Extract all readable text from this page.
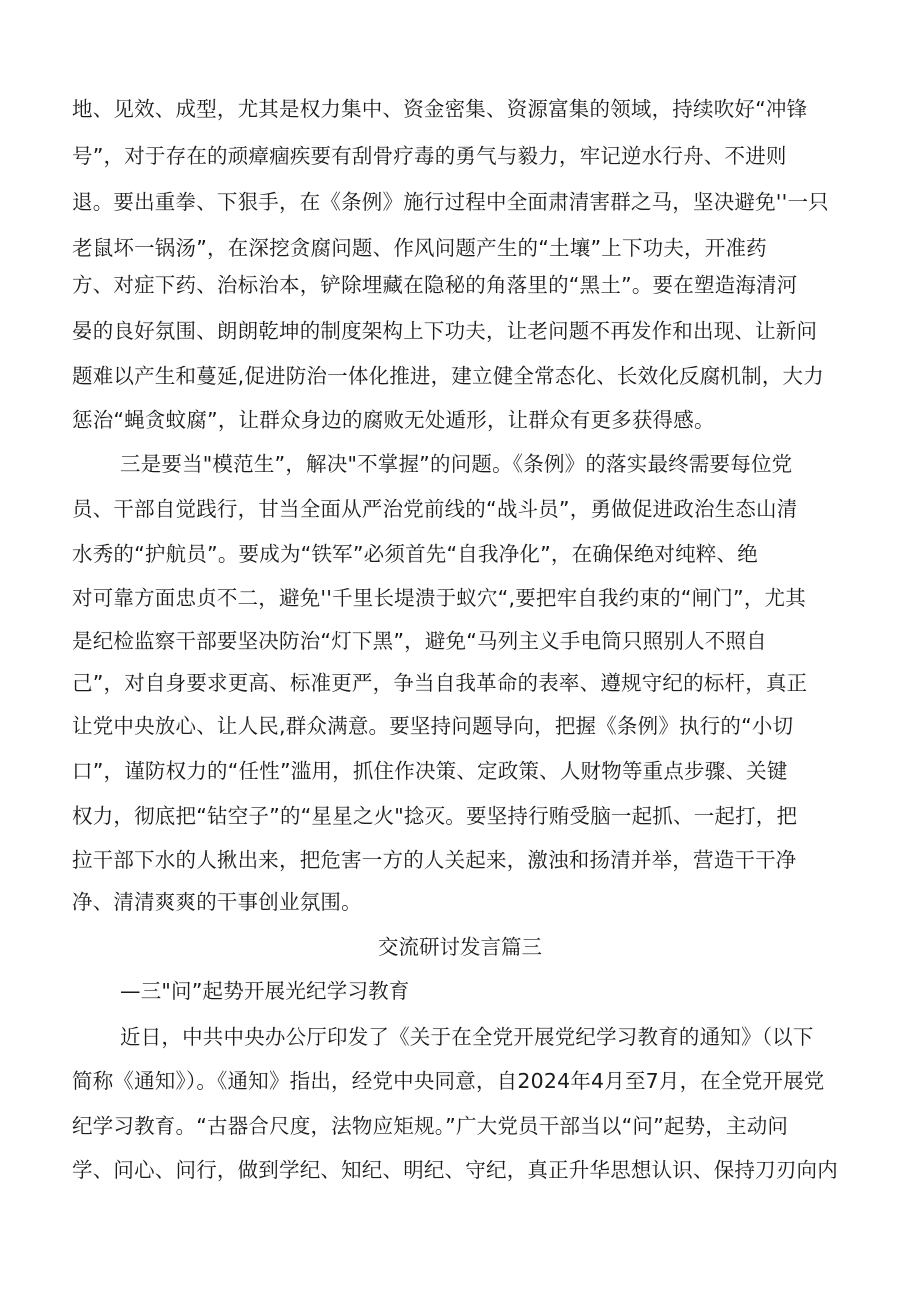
地、见效、成型，尤其是权力集中、资金密集、资源富集的领域，持续吹好“冲锋
号”，对于存在的顽瘴痼疾要有刮骨疗毒的勇气与毅力，牢记逆水行舟、不进则
退。要出重拳、下狠手，在《条例》施行过程中全面肃清害群之马，坚决避免''一只
老鼠坏一锅汤”，在深挖贪腐问题、作风问题产生的“土壤”上下功夫，开准药
方、对症下药、治标治本，铲除埋藏在隐秘的角落里的“黑土”。要在塑造海清河
晏的良好氛围、朗朗乾坤的制度架构上下功夫，让老问题不再发作和出现、让新问
题难以产生和蔓延,促进防治一体化推进，建立健全常态化、长效化反腐机制，大力
惩治“蝇贪蚊腐”，让群众身边的腐败无处遁形，让群众有更多获得感。
三是要当"模范生”，解决"不掌握”的问题。《条例》的落实最终需要每位党
员、干部自觉践行，甘当全面从严治党前线的“战斗员”，勇做促进政治生态山清
水秀的“护航员”。要成为“铁军”必须首先“自我净化”，在确保绝对纯粹、绝
对可靠方面忠贞不二，避免''千里长堤溃于蚁穴“,要把牢自我约束的“闸门”，尤其
是纪检监察干部要坚决防治“灯下黑”，避免“马列主义手电筒只照别人不照自
己”，对自身要求更高、标准更严，争当自我革命的表率、遵规守纪的标杆，真正
让党中央放心、让人民,群众满意。要坚持问题导向，把握《条例》执行的“小切
口”，谨防权力的“任性”滥用，抓住作决策、定政策、人财物等重点步骤、关键
权力，彻底把“钻空子”的“星星之火"捻灭。要坚持行贿受脑一起抓、一起打，把
拉干部下水的人揪出来，把危害一方的人关起来，激浊和扬清并举，营造干干净
净、清清爽爽的干事创业氛围。
交流研讨发言篇三
—三"问”起势开展光纪学习教育
近日，中共中央办公厅印发了《关于在全党开展党纪学习教育的通知》（以下
简称《通知》）。《通知》指出，经党中央同意，自2024年4月至7月，在全党开展党
纪学习教育。“古器合尺度，法物应矩规。”广大党员干部当以“问”起势，主动问
学、问心、问行，做到学纪、知纪、明纪、守纪，真正升华思想认识、保持刀刃向内
